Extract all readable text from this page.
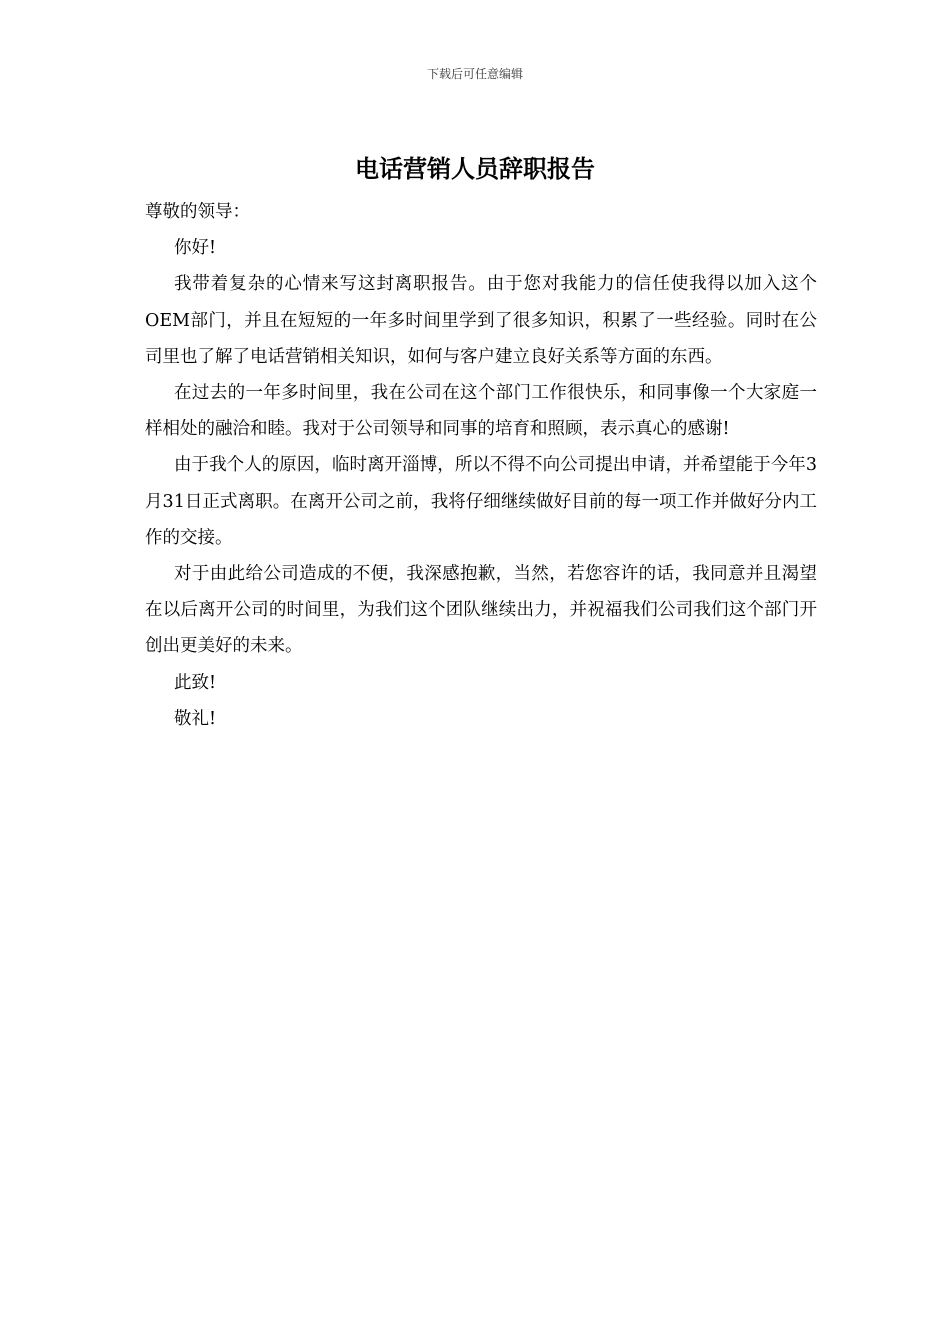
下载后可任意编辑
电话营销人员辞职报告

尊敬的领导：

你好!

我带着复杂的心情来写这封离职报告。由于您对我能力的信任使我得以加入这个OEM部门，并且在短短的一年多时间里学到了很多知识，积累了一些经验。同时在公司里也了解了电话营销相关知识，如何与客户建立良好关系等方面的东西。

在过去的一年多时间里，我在公司在这个部门工作很快乐，和同事像一个大家庭一样相处的融洽和睦。我对于公司领导和同事的培育和照顾，表示真心的感谢!

由于我个人的原因，临时离开淄博，所以不得不向公司提出申请，并希望能于今年3月31日正式离职。在离开公司之前，我将仔细继续做好目前的每一项工作并做好分内工作的交接。

对于由此给公司造成的不便，我深感抱歉，当然，若您容许的话，我同意并且渴望在以后离开公司的时间里，为我们这个团队继续出力，并祝福我们公司我们这个部门开创出更美好的未来。

此致!

敬礼!
